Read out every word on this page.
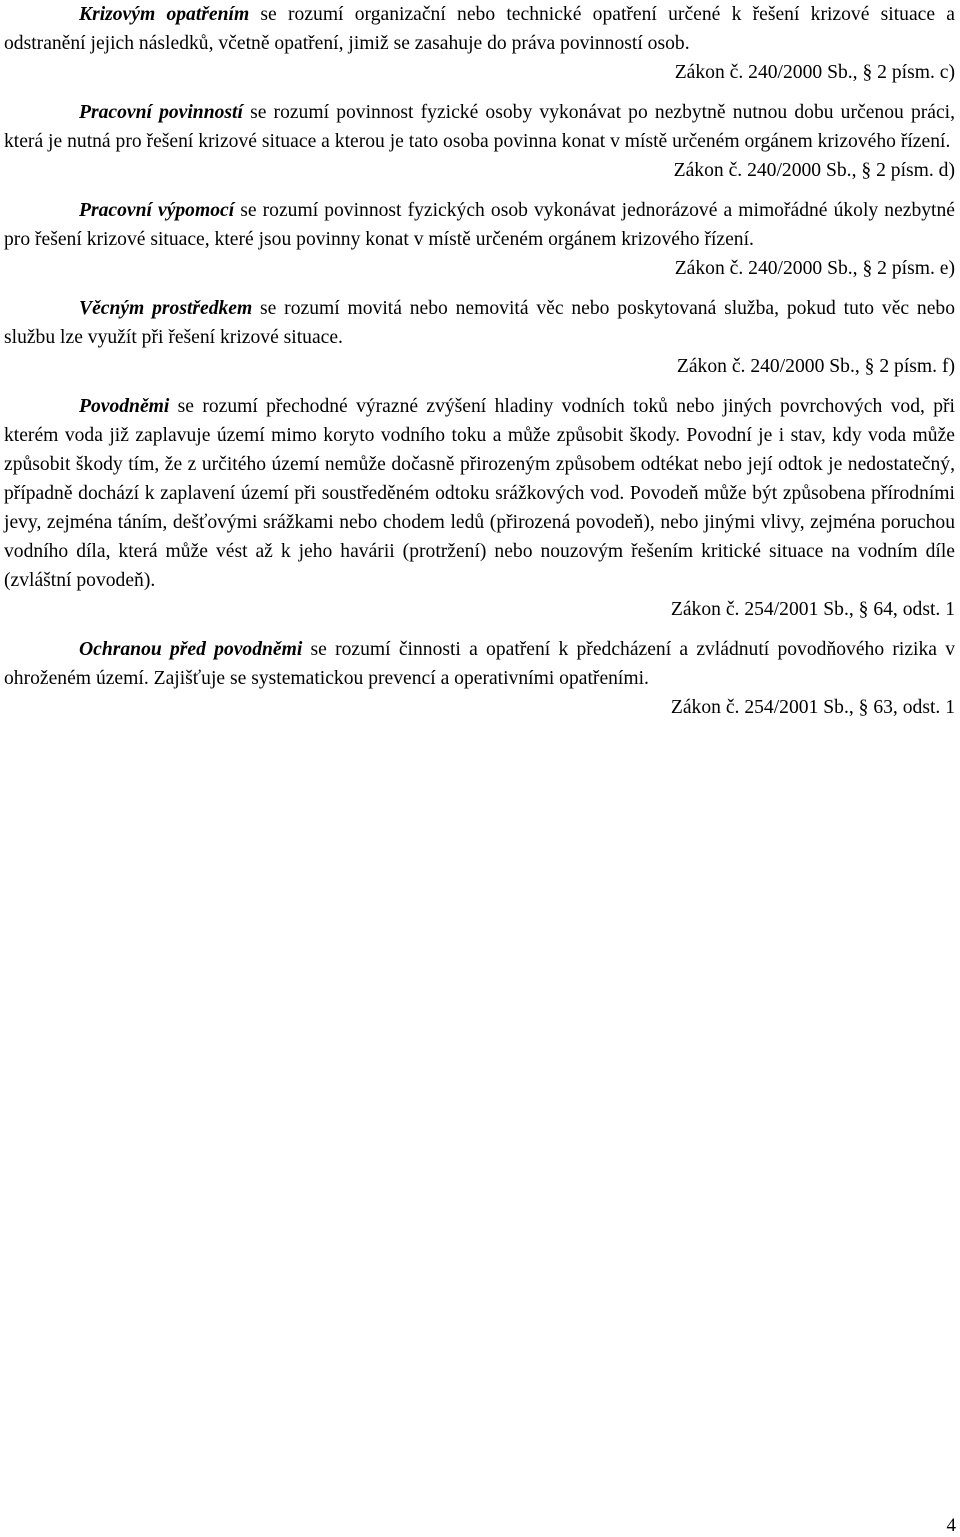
Krizovým opatřením se rozumí organizační nebo technické opatření určené k řešení krizové situace a odstranění jejich následků, včetně opatření, jimiž se zasahuje do práva povinností osob.

Zákon č. 240/2000 Sb., § 2 písm. c)

Pracovní povinností se rozumí povinnost fyzické osoby vykonávat po nezbytně nutnou dobu určenou práci, která je nutná pro řešení krizové situace a kterou je tato osoba povinna konat v místě určeném orgánem krizového řízení.

Zákon č. 240/2000 Sb., § 2 písm. d)

Pracovní výpomocí se rozumí povinnost fyzických osob vykonávat jednorázové a mimořádné úkoly nezbytné pro řešení krizové situace, které jsou povinny konat v místě určeném orgánem krizového řízení.

Zákon č. 240/2000 Sb., § 2 písm. e)

Věcným prostředkem se rozumí movitá nebo nemovitá věc nebo poskytovaná služba, pokud tuto věc nebo službu lze využít při řešení krizové situace.

Zákon č. 240/2000 Sb., § 2 písm. f)

Povodněmi se rozumí přechodné výrazné zvýšení hladiny vodních toků nebo jiných povrchových vod, při kterém voda již zaplavuje území mimo koryto vodního toku a může způsobit škody. Povodní je i stav, kdy voda může způsobit škody tím, že z určitého území nemůže dočasně přirozeným způsobem odtékat nebo její odtok je nedostatečný, případně dochází k zaplavení území při soustředěném odtoku srážkových vod. Povodeň může být způsobena přírodními jevy, zejména táním, dešťovými srážkami nebo chodem ledů (přirozená povodeň), nebo jinými vlivy, zejména poruchou vodního díla, která může vést až k jeho havárii (protržení) nebo nouzovým řešením kritické situace na vodním díle (zvláštní povodeň).

Zákon č. 254/2001 Sb., § 64, odst. 1

Ochranou před povodněmi se rozumí činnosti a opatření k předcházení a zvládnutí povodňového rizika v ohroženém území. Zajišťuje se systematickou prevencí a operativními opatřeními.

Zákon č. 254/2001 Sb., § 63, odst. 1

4
